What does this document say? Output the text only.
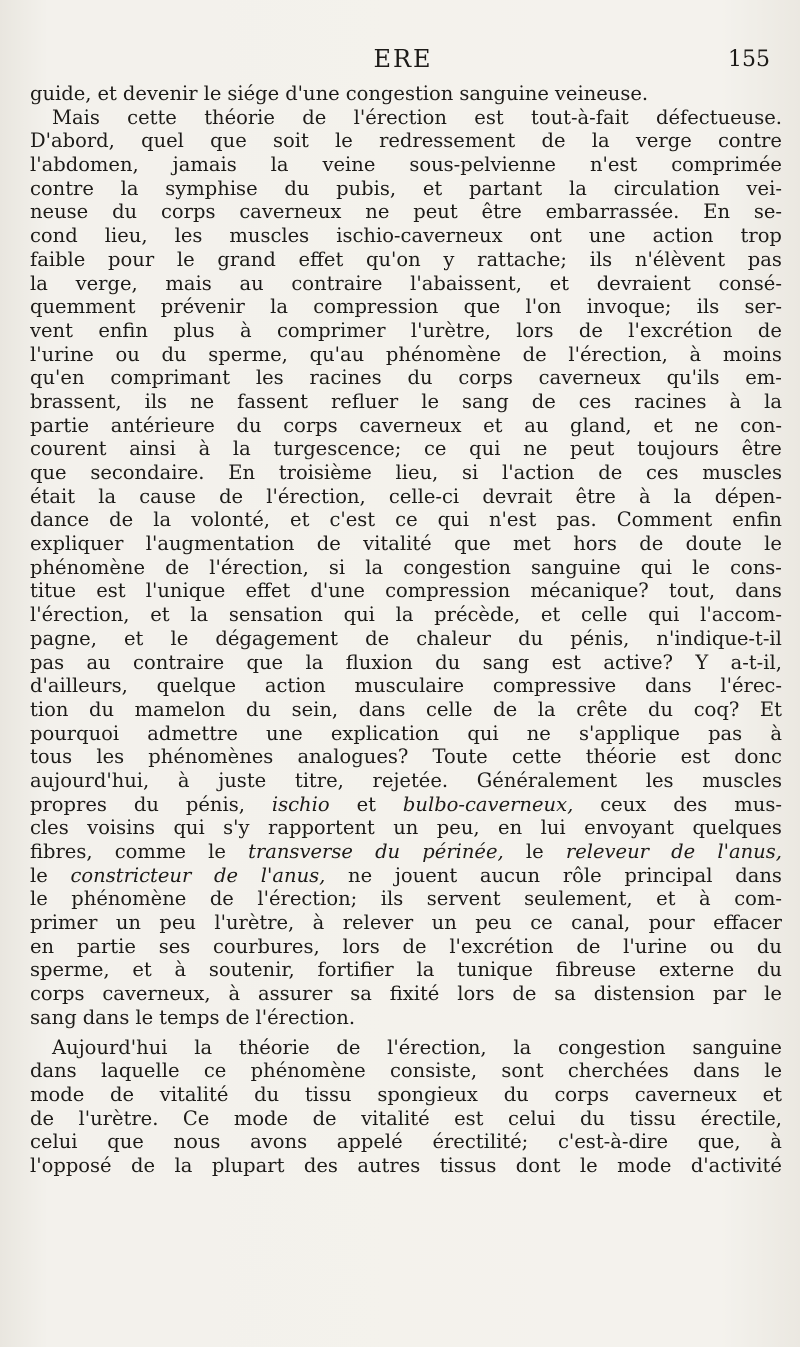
ERE	155
guide, et devenir le siége d'une congestion sanguine veineuse.
Mais cette théorie de l'érection est tout-à-fait défectueuse.
D'abord, quel que soit le redressement de la verge contre
l'abdomen, jamais la veine sous-pelvienne n'est comprimée
contre la symphise du pubis, et partant la circulation vei-
neuse du corps caverneux ne peut être embarrassée. En se-
cond lieu, les muscles ischio-caverneux ont une action trop
faible pour le grand effet qu'on y rattache; ils n'élèvent pas
la verge, mais au contraire l'abaissent, et devraient consé-
quemment prévenir la compression que l'on invoque; ils ser-
vent enfin plus à comprimer l'urètre, lors de l'excrétion de
l'urine ou du sperme, qu'au phénomène de l'érection, à moins
qu'en comprimant les racines du corps caverneux qu'ils em-
brassent, ils ne fassent refluer le sang de ces racines à la
partie antérieure du corps caverneux et au gland, et ne con-
courent ainsi à la turgescence; ce qui ne peut toujours être
que secondaire. En troisième lieu, si l'action de ces muscles
était la cause de l'érection, celle-ci devrait être à la dépen-
dance de la volonté, et c'est ce qui n'est pas. Comment enfin
expliquer l'augmentation de vitalité que met hors de doute le
phénomène de l'érection, si la congestion sanguine qui le cons-
titue est l'unique effet d'une compression mécanique? tout, dans
l'érection, et la sensation qui la précède, et celle qui l'accom-
pagne, et le dégagement de chaleur du pénis, n'indique-t-il
pas au contraire que la fluxion du sang est active? Y a-t-il,
d'ailleurs, quelque action musculaire compressive dans l'érec-
tion du mamelon du sein, dans celle de la crête du coq? Et
pourquoi admettre une explication qui ne s'applique pas à
tous les phénomènes analogues? Toute cette théorie est donc
aujourd'hui, à juste titre, rejetée. Généralement les muscles
propres du pénis, ischio et bulbo-caverneux, ceux des mus-
cles voisins qui s'y rapportent un peu, en lui envoyant quelques
fibres, comme le transverse du périnée, le releveur de l'anus,
le constricteur de l'anus, ne jouent aucun rôle principal dans
le phénomène de l'érection; ils servent seulement, et à com-
primer un peu l'urètre, à relever un peu ce canal, pour effacer
en partie ses courbures, lors de l'excrétion de l'urine ou du
sperme, et à soutenir, fortifier la tunique fibreuse externe du
corps caverneux, à assurer sa fixité lors de sa distension par le
sang dans le temps de l'érection.
Aujourd'hui la théorie de l'érection, la congestion sanguine
dans laquelle ce phénomène consiste, sont cherchées dans le
mode de vitalité du tissu spongieux du corps caverneux et
de l'urètre. Ce mode de vitalité est celui du tissu érectile,
celui que nous avons appelé érectilité; c'est-à-dire que, à
l'opposé de la plupart des autres tissus dont le mode d'activité
